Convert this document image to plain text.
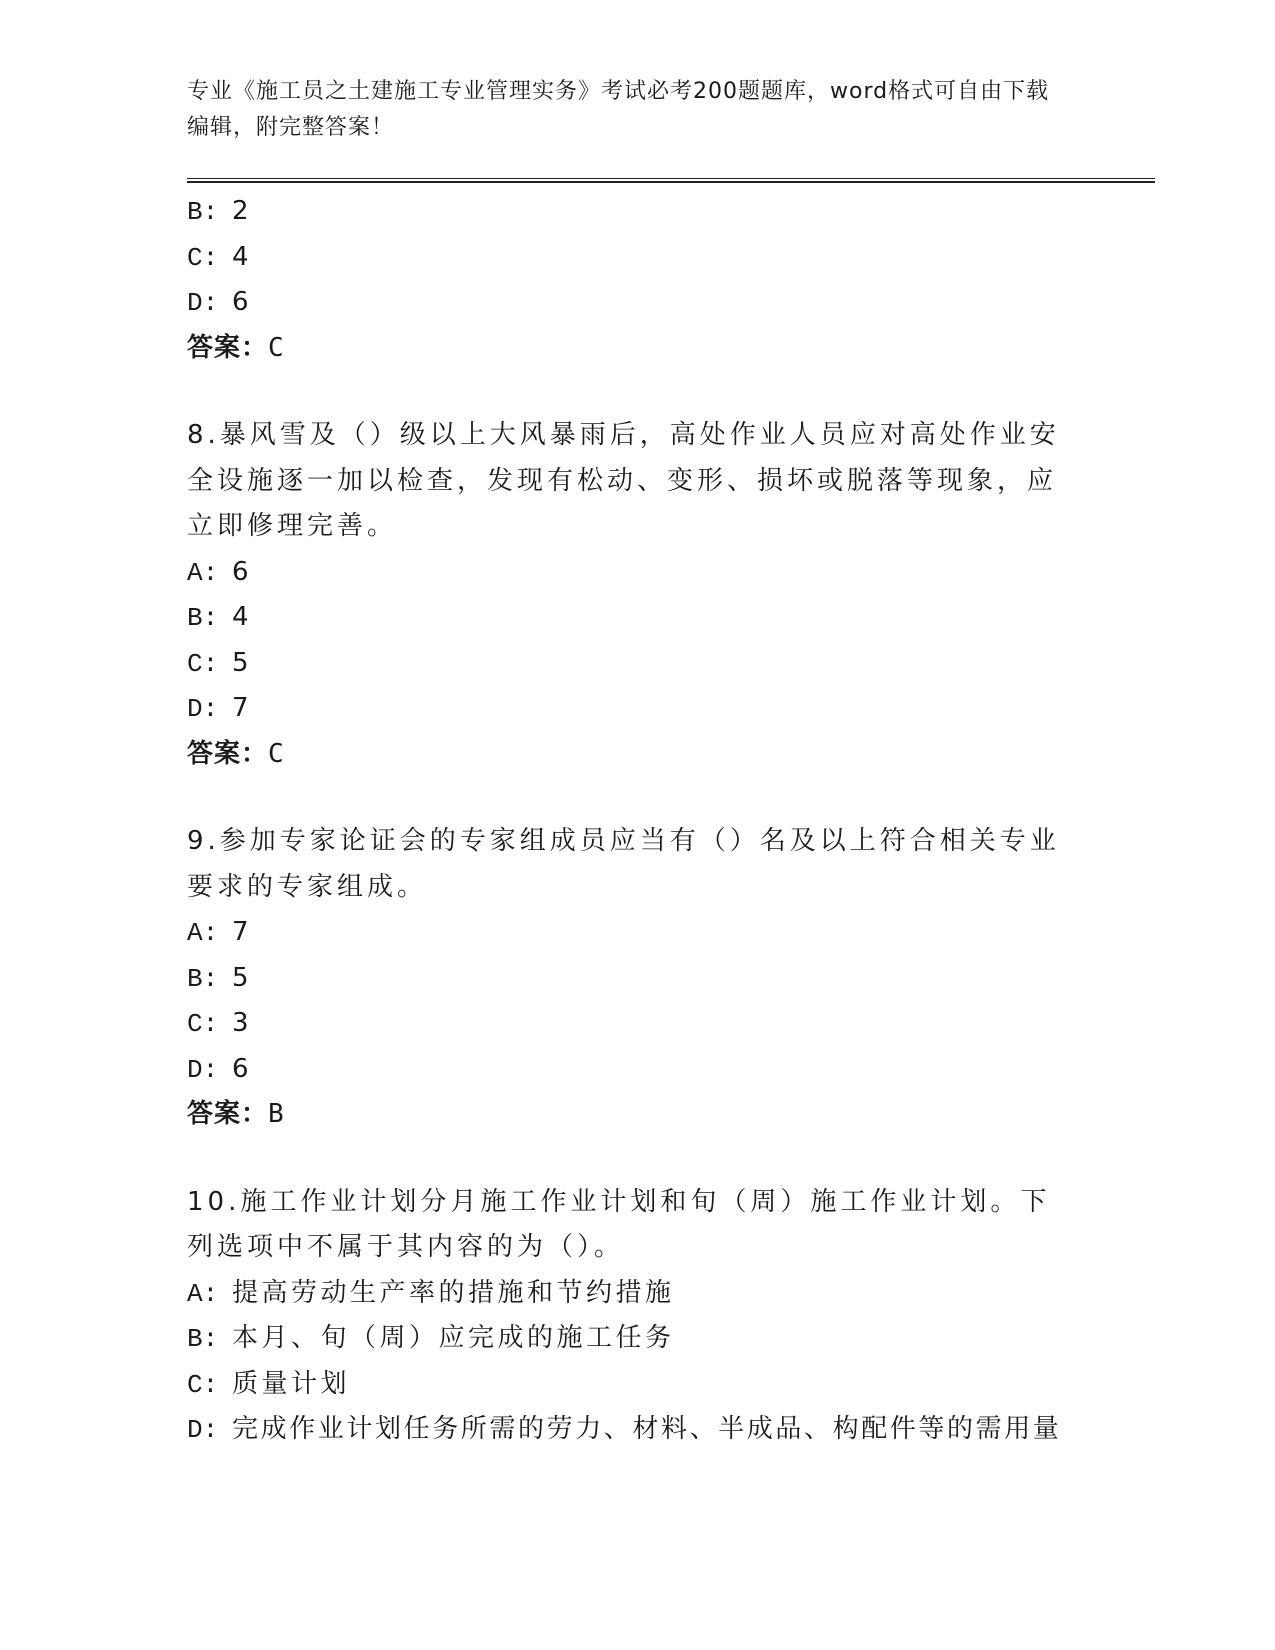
专业《施工员之土建施工专业管理实务》考试必考200题题库，word格式可自由下载编辑，附完整答案！
B: 2
C: 4
D: 6
答案：C
8.暴风雪及（）级以上大风暴雨后，高处作业人员应对高处作业安全设施逐一加以检查，发现有松动、变形、损坏或脱落等现象，应立即修理完善。
A: 6
B: 4
C: 5
D: 7
答案：C
9.参加专家论证会的专家组成员应当有（）名及以上符合相关专业要求的专家组成。
A: 7
B: 5
C: 3
D: 6
答案：B
10.施工作业计划分月施工作业计划和旬（周）施工作业计划。下列选项中不属于其内容的为（）。
A: 提高劳动生产率的措施和节约措施
B: 本月、旬（周）应完成的施工任务
C: 质量计划
D: 完成作业计划任务所需的劳力、材料、半成品、构配件等的需用量
